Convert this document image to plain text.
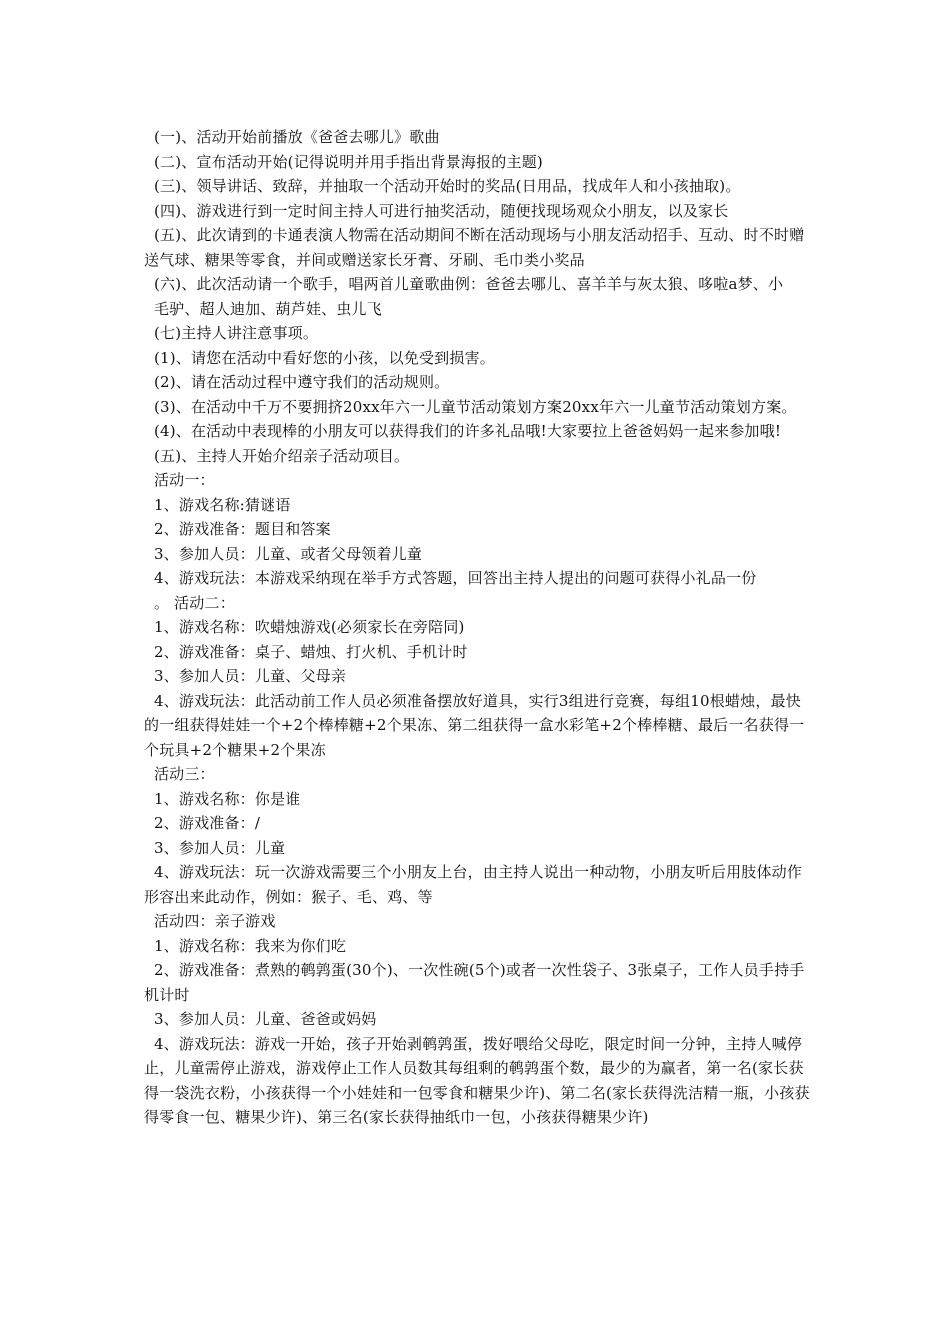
(一)、活动开始前播放《爸爸去哪儿》歌曲

(二)、宣布活动开始(记得说明并用手指出背景海报的主题)

(三)、领导讲话、致辞，并抽取一个活动开始时的奖品(日用品，找成年人和小孩抽取)。

(四)、游戏进行到一定时间主持人可进行抽奖活动，随便找现场观众小朋友，以及家长

(五)、此次请到的卡通表演人物需在活动期间不断在活动现场与小朋友活动招手、互动、时不时赠送气球、糖果等零食，并间或赠送家长牙膏、牙刷、毛巾类小奖品

(六)、此次活动请一个歌手，唱两首儿童歌曲例：爸爸去哪儿、喜羊羊与灰太狼、哆啦a梦、小

毛驴、超人迪加、葫芦娃、虫儿飞

(七)主持人讲注意事项。

(1)、请您在活动中看好您的小孩，以免受到损害。

(2)、请在活动过程中遵守我们的活动规则。

(3)、在活动中千万不要拥挤20xx年六一儿童节活动策划方案20xx年六一儿童节活动策划方案。

(4)、在活动中表现棒的小朋友可以获得我们的许多礼品哦!大家要拉上爸爸妈妈一起来参加哦!

(五)、主持人开始介绍亲子活动项目。

活动一：

1、游戏名称:猜谜语

2、游戏准备：题目和答案

3、参加人员：儿童、或者父母领着儿童

4、游戏玩法：本游戏采纳现在举手方式答题，回答出主持人提出的问题可获得小礼品一份

。 活动二：

1、游戏名称：吹蜡烛游戏(必须家长在旁陪同)

2、游戏准备：桌子、蜡烛、打火机、手机计时

3、参加人员：儿童、父母亲

4、游戏玩法：此活动前工作人员必须准备摆放好道具，实行3组进行竞赛，每组10根蜡烛，最快的一组获得娃娃一个+2个棒棒糖+2个果冻、第二组获得一盒水彩笔+2个棒棒糖、最后一名获得一个玩具+2个糖果+2个果冻

活动三：

1、游戏名称：你是谁

2、游戏准备：/

3、参加人员：儿童

4、游戏玩法：玩一次游戏需要三个小朋友上台，由主持人说出一种动物，小朋友听后用肢体动作形容出来此动作，例如：猴子、毛、鸡、等

活动四：亲子游戏

1、游戏名称：我来为你们吃

2、游戏准备：煮熟的鹌鹑蛋(30个)、一次性碗(5个)或者一次性袋子、3张桌子，工作人员手持手机计时

3、参加人员：儿童、爸爸或妈妈

4、游戏玩法：游戏一开始，孩子开始剥鹌鹑蛋，拨好喂给父母吃，限定时间一分钟，主持人喊停止，儿童需停止游戏，游戏停止工作人员数其每组剩的鹌鹑蛋个数，最少的为赢者，第一名(家长获得一袋洗衣粉，小孩获得一个小娃娃和一包零食和糖果少许)、第二名(家长获得洗洁精一瓶，小孩获得零食一包、糖果少许)、第三名(家长获得抽纸巾一包，小孩获得糖果少许)
